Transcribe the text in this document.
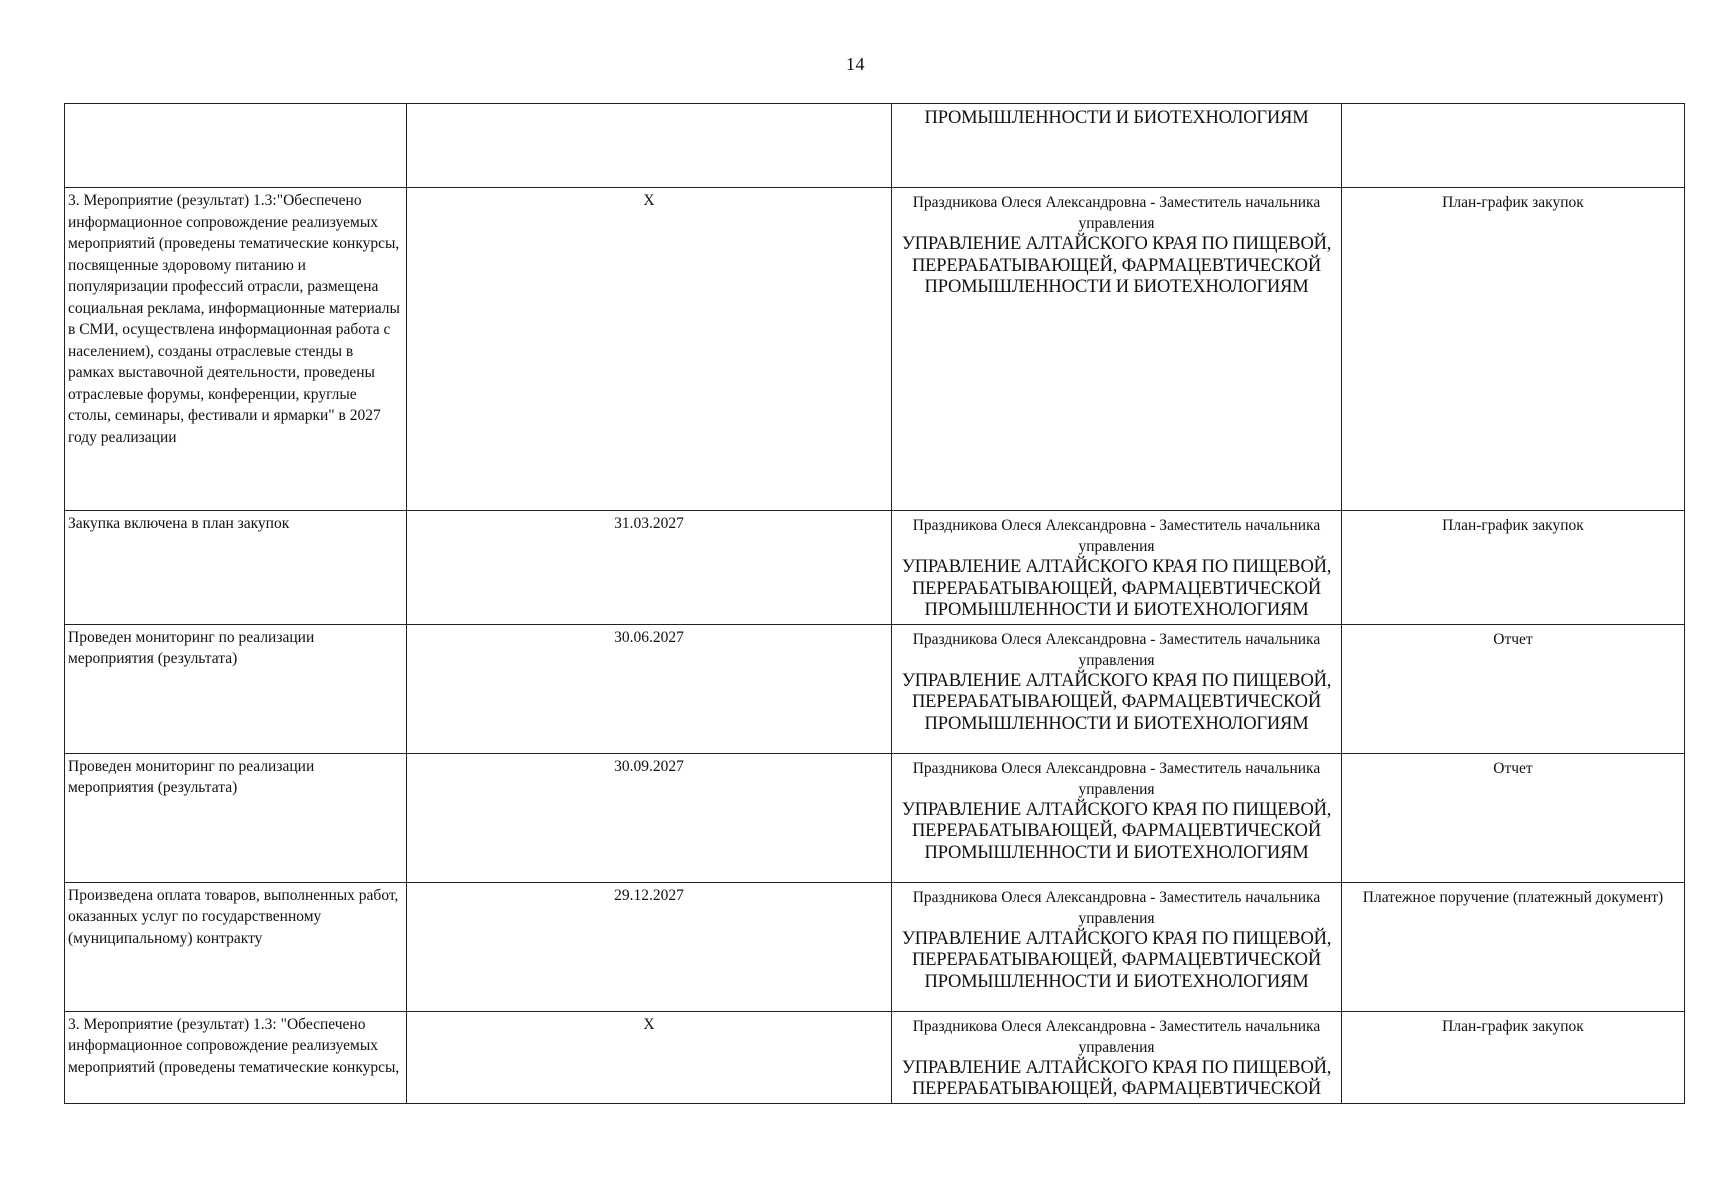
14

		ПРОМЫШЛЕННОСТИ И БИОТЕХНОЛОГИЯМ	

3. Мероприятие (результат) 1.3:"Обеспечено информационное сопровождение реализуемых мероприятий (проведены тематические конкурсы, посвященные здоровому питанию и популяризации профессий отрасли, размещена социальная реклама, информационные материалы в СМИ, осуществлена информационная работа с населением), созданы отраслевые стенды в рамках выставочной деятельности, проведены отраслевые форумы, конференции, круглые столы, семинары, фестивали и ярмарки" в 2027 году реализации	X	Праздникова Олеся Александровна - Заместитель начальника управления
УПРАВЛЕНИЕ АЛТАЙСКОГО КРАЯ ПО ПИЩЕВОЙ, ПЕРЕРАБАТЫВАЮЩЕЙ, ФАРМАЦЕВТИЧЕСКОЙ ПРОМЫШЛЕННОСТИ И БИОТЕХНОЛОГИЯМ	План-график закупок

Закупка включена в план закупок	31.03.2027	Праздникова Олеся Александровна - Заместитель начальника управления
УПРАВЛЕНИЕ АЛТАЙСКОГО КРАЯ ПО ПИЩЕВОЙ, ПЕРЕРАБАТЫВАЮЩЕЙ, ФАРМАЦЕВТИЧЕСКОЙ ПРОМЫШЛЕННОСТИ И БИОТЕХНОЛОГИЯМ	План-график закупок

Проведен мониторинг по реализации мероприятия (результата)	30.06.2027	Праздникова Олеся Александровна - Заместитель начальника управления
УПРАВЛЕНИЕ АЛТАЙСКОГО КРАЯ ПО ПИЩЕВОЙ, ПЕРЕРАБАТЫВАЮЩЕЙ, ФАРМАЦЕВТИЧЕСКОЙ ПРОМЫШЛЕННОСТИ И БИОТЕХНОЛОГИЯМ	Отчет

Проведен мониторинг по реализации мероприятия (результата)	30.09.2027	Праздникова Олеся Александровна - Заместитель начальника управления
УПРАВЛЕНИЕ АЛТАЙСКОГО КРАЯ ПО ПИЩЕВОЙ, ПЕРЕРАБАТЫВАЮЩЕЙ, ФАРМАЦЕВТИЧЕСКОЙ ПРОМЫШЛЕННОСТИ И БИОТЕХНОЛОГИЯМ	Отчет

Произведена оплата товаров, выполненных работ, оказанных услуг по государственному (муниципальному) контракту	29.12.2027	Праздникова Олеся Александровна - Заместитель начальника управления
УПРАВЛЕНИЕ АЛТАЙСКОГО КРАЯ ПО ПИЩЕВОЙ, ПЕРЕРАБАТЫВАЮЩЕЙ, ФАРМАЦЕВТИЧЕСКОЙ ПРОМЫШЛЕННОСТИ И БИОТЕХНОЛОГИЯМ	Платежное поручение (платежный документ)

3. Мероприятие (результат) 1.3: "Обеспечено информационное сопровождение реализуемых мероприятий (проведены тематические конкурсы,	X	Праздникова Олеся Александровна - Заместитель начальника управления
УПРАВЛЕНИЕ АЛТАЙСКОГО КРАЯ ПО ПИЩЕВОЙ, ПЕРЕРАБАТЫВАЮЩЕЙ, ФАРМАЦЕВТИЧЕСКОЙ	План-график закупок
